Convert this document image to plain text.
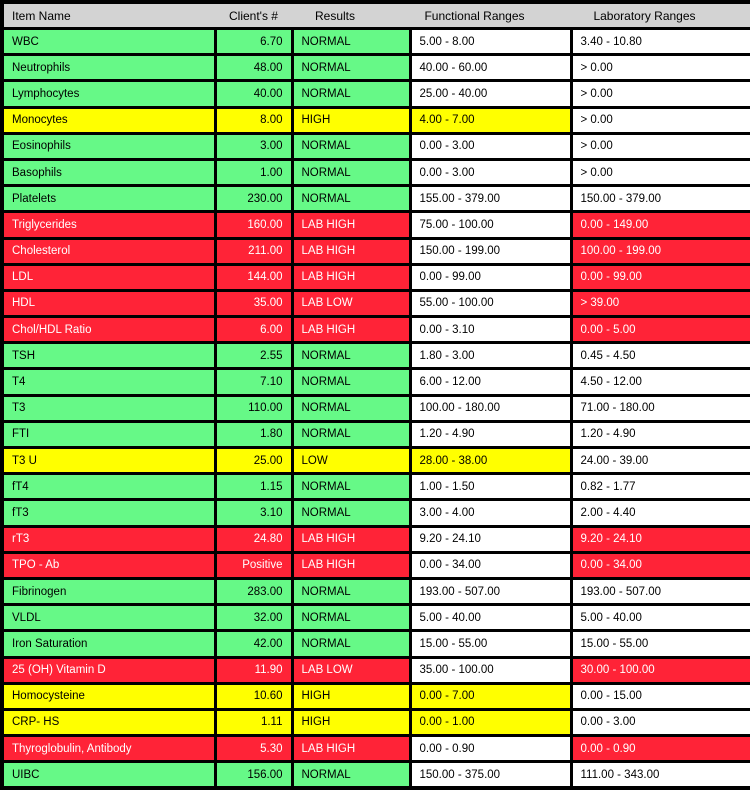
Item Name	Client's #	Results	Functional Ranges	Laboratory Ranges
WBC	6.70	NORMAL	5.00 - 8.00	3.40 - 10.80
Neutrophils	48.00	NORMAL	40.00 - 60.00	> 0.00
Lymphocytes	40.00	NORMAL	25.00 - 40.00	> 0.00
Monocytes	8.00	HIGH	4.00 - 7.00	> 0.00
Eosinophils	3.00	NORMAL	0.00 - 3.00	> 0.00
Basophils	1.00	NORMAL	0.00 - 3.00	> 0.00
Platelets	230.00	NORMAL	155.00 - 379.00	150.00 - 379.00
Triglycerides	160.00	LAB HIGH	75.00 - 100.00	0.00 - 149.00
Cholesterol	211.00	LAB HIGH	150.00 - 199.00	100.00 - 199.00
LDL	144.00	LAB HIGH	0.00 - 99.00	0.00 - 99.00
HDL	35.00	LAB LOW	55.00 - 100.00	> 39.00
Chol/HDL Ratio	6.00	LAB HIGH	0.00 - 3.10	0.00 - 5.00
TSH	2.55	NORMAL	1.80 - 3.00	0.45 - 4.50
T4	7.10	NORMAL	6.00 - 12.00	4.50 - 12.00
T3	110.00	NORMAL	100.00 - 180.00	71.00 - 180.00
FTI	1.80	NORMAL	1.20 - 4.90	1.20 - 4.90
T3 U	25.00	LOW	28.00 - 38.00	24.00 - 39.00
fT4	1.15	NORMAL	1.00 - 1.50	0.82 - 1.77
fT3	3.10	NORMAL	3.00 - 4.00	2.00 - 4.40
rT3	24.80	LAB HIGH	9.20 - 24.10	9.20 - 24.10
TPO - Ab	Positive	LAB HIGH	0.00 - 34.00	0.00 - 34.00
Fibrinogen	283.00	NORMAL	193.00 - 507.00	193.00 - 507.00
VLDL	32.00	NORMAL	5.00 - 40.00	5.00 - 40.00
Iron Saturation	42.00	NORMAL	15.00 - 55.00	15.00 - 55.00
25 (OH) Vitamin D	11.90	LAB LOW	35.00 - 100.00	30.00 - 100.00
Homocysteine	10.60	HIGH	0.00 - 7.00	0.00 - 15.00
CRP- HS	1.11	HIGH	0.00 - 1.00	0.00 - 3.00
Thyroglobulin, Antibody	5.30	LAB HIGH	0.00 - 0.90	0.00 - 0.90
UIBC	156.00	NORMAL	150.00 - 375.00	111.00 - 343.00
